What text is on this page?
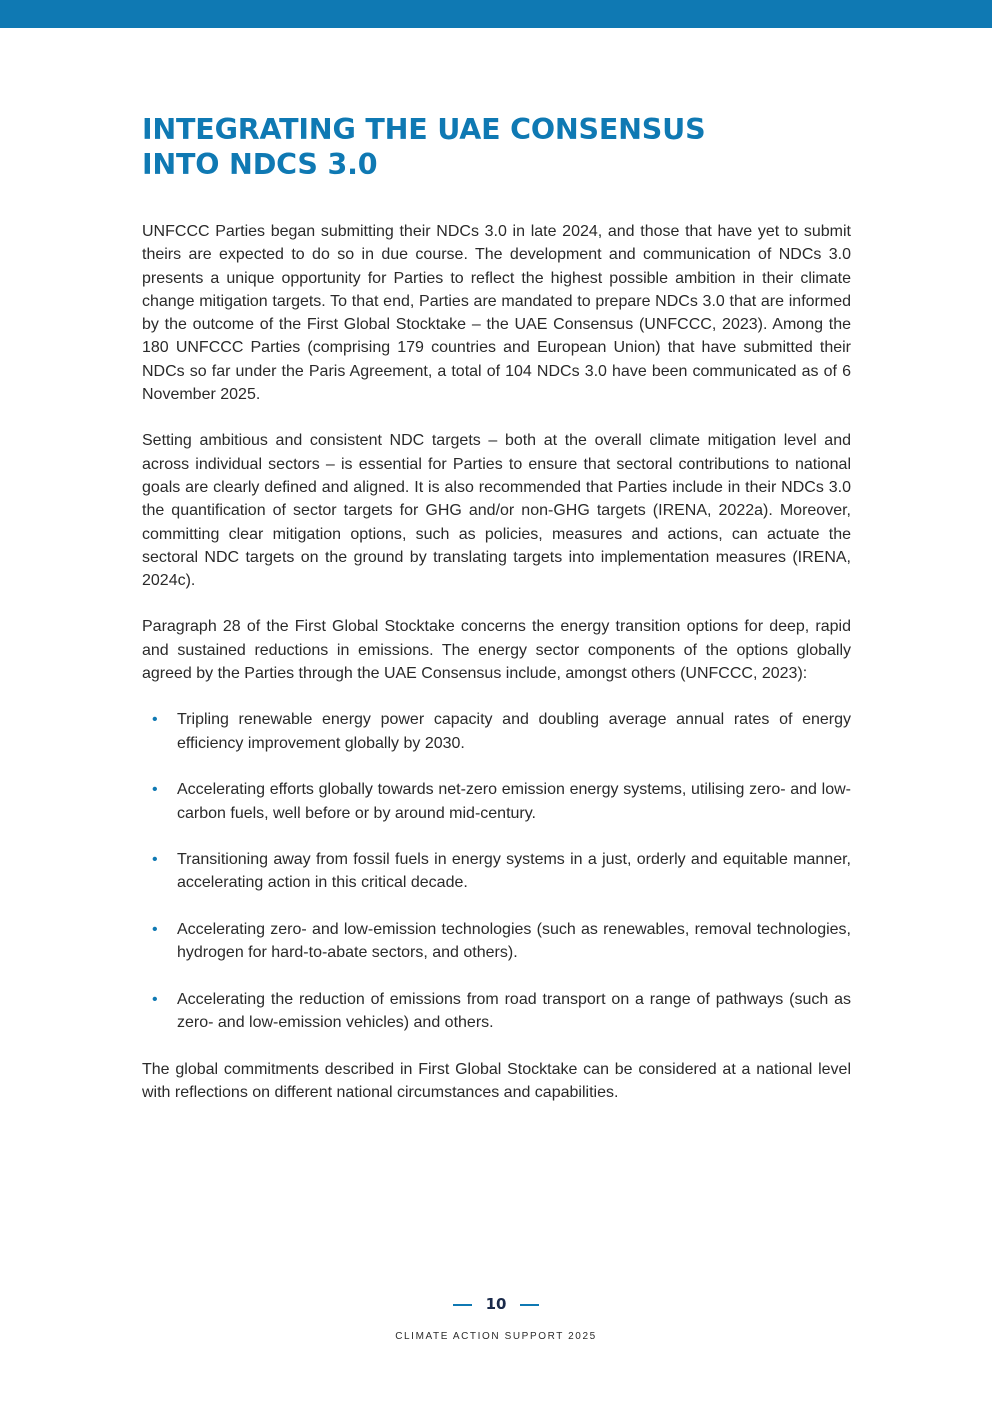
INTEGRATING THE UAE CONSENSUS
INTO NDCS 3.0

UNFCCC Parties began submitting their NDCs 3.0 in late 2024, and those that have yet to submit theirs are expected to do so in due course. The development and communication of NDCs 3.0 presents a unique opportunity for Parties to reflect the highest possible ambition in their climate change mitigation targets. To that end, Parties are mandated to prepare NDCs 3.0 that are informed by the outcome of the First Global Stocktake – the UAE Consensus (UNFCCC, 2023). Among the 180 UNFCCC Parties (comprising 179 countries and European Union) that have submitted their NDCs so far under the Paris Agreement, a total of 104 NDCs 3.0 have been communicated as of 6 November 2025.

Setting ambitious and consistent NDC targets – both at the overall climate mitigation level and across individual sectors – is essential for Parties to ensure that sectoral contributions to national goals are clearly defined and aligned. It is also recommended that Parties include in their NDCs 3.0 the quantification of sector targets for GHG and/or non-GHG targets (IRENA, 2022a). Moreover, committing clear mitigation options, such as policies, measures and actions, can actuate the sectoral NDC targets on the ground by translating targets into implementation measures (IRENA, 2024c).

Paragraph 28 of the First Global Stocktake concerns the energy transition options for deep, rapid and sustained reductions in emissions. The energy sector components of the options globally agreed by the Parties through the UAE Consensus include, amongst others (UNFCCC, 2023):

• Tripling renewable energy power capacity and doubling average annual rates of energy efficiency improvement globally by 2030.
• Accelerating efforts globally towards net-zero emission energy systems, utilising zero- and low-carbon fuels, well before or by around mid-century.
• Transitioning away from fossil fuels in energy systems in a just, orderly and equitable manner, accelerating action in this critical decade.
• Accelerating zero- and low-emission technologies (such as renewables, removal technologies, hydrogen for hard-to-abate sectors, and others).
• Accelerating the reduction of emissions from road transport on a range of pathways (such as zero- and low-emission vehicles) and others.

The global commitments described in First Global Stocktake can be considered at a national level with reflections on different national circumstances and capabilities.

10
CLIMATE ACTION SUPPORT 2025
